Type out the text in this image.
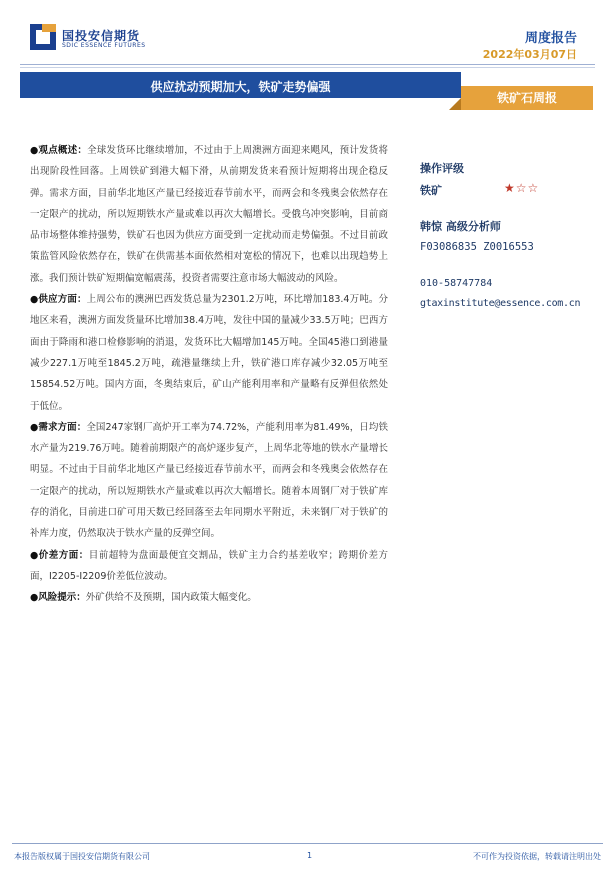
国投安信期货
SDIC ESSENCE FUTURES	周度报告
2022年03月07日
供应扰动预期加大，铁矿走势偏强
铁矿石周报

●观点概述：全球发货环比继续增加，不过由于上周澳洲方面迎来飓风，预计发货将出现阶段性回落。上周铁矿到港大幅下滑，从前期发货来看预计短期将出现企稳反弹。需求方面，目前华北地区产量已经接近春节前水平，而两会和冬残奥会依然存在一定限产的扰动，所以短期铁水产量或难以再次大幅增长。受俄乌冲突影响，目前商品市场整体维持强势，铁矿石也因为供应方面受到一定扰动而走势偏强。不过目前政策监管风险依然存在，铁矿在供需基本面依然相对宽松的情况下，也难以出现趋势上涨。我们预计铁矿短期偏宽幅震荡，投资者需要注意市场大幅波动的风险。

●供应方面：上周公布的澳洲巴西发货总量为2301.2万吨，环比增加183.4万吨。分地区来看，澳洲方面发货量环比增加38.4万吨，发往中国的量减少33.5万吨；巴西方面由于降雨和港口检修影响的消退，发货环比大幅增加145万吨。全国45港口到港量减少227.1万吨至1845.2万吨，疏港量继续上升，铁矿港口库存减少32.05万吨至15854.52万吨。国内方面，冬奥结束后，矿山产能利用率和产量略有反弹但依然处于低位。

●需求方面：全国247家钢厂高炉开工率为74.72%，产能利用率为81.49%，日均铁水产量为219.76万吨。随着前期限产的高炉逐步复产，上周华北等地的铁水产量增长明显。不过由于目前华北地区产量已经接近春节前水平，而两会和冬残奥会依然存在一定限产的扰动，所以短期铁水产量或难以再次大幅增长。随着本周钢厂对于铁矿库存的消化，目前进口矿可用天数已经回落至去年同期水平附近，未来钢厂对于铁矿的补库力度，仍然取决于铁水产量的反弹空间。

●价差方面：目前超特为盘面最便宜交割品，铁矿主力合约基差收窄；跨期价差方面，I2205-I2209价差低位波动。

●风险提示：外矿供给不及预期，国内政策大幅变化。

操作评级
铁矿	★☆☆
韩惊 高级分析师
F03086835 Z0016553
010-58747784
gtaxinstitute@essence.com.cn
本报告版权属于国投安信期货有限公司	1	不可作为投资依据，转载请注明出处
